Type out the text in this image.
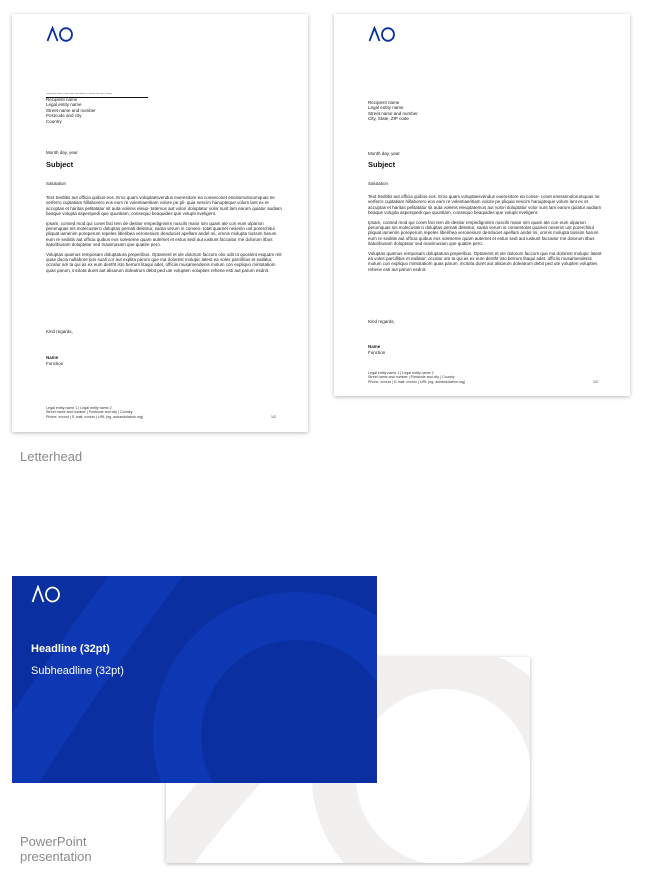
Legal entity name | Street name and number | Postcode and city | Country
Recipient name
Legal entity name
Street name and number
Postcode and city
Country
Month day, year
Subject
Salutation

Text Sedtitis aut officia quibus eos. Emo quam voluptaesvendus exeresitore ea conseconet enessimolorumquas ne verferro cuptatiam hillaborero eos eum re volentiaeritiam volore pe pli- quia nescim hanupteque volum lant ex et accuptas et haritas pelitatatur sit auta volenis eleup- tatemos aut volori doluptatur volor sunt lam earum quiatur audiam beaque volupta asperspedi que quuntiam, consequo beaquides que volupti nveligent.

Ipsam, consed mod qui conet faci tem de destior empedigninim nuscils maior sim quam ate con eum ulparion perumquas nis molecusterci doluptas pernati delestur, santa verum in consen- totat quamet neseriin unt porerchitul pliquat iamenim poreperum repeles liberibea veronesium denduciet apellam andel mi, omnis molupta tiossim harum eum re sediitis aut officia quibus eos soleseme quam autemet et estus sedi aut iustiunt faccaitor me dolorum itbus itaturibusam doluptatur sed maximusam que quatire pero.

Voluptas quamus remposam doluptatura preperibus. Optament et ule dolorum faccum olio odit ut quossint esquam reit quae ducia nullabore pos suali cor aut explita parum que ma dolorest molupic latest ea voles parcillitus et eailatur, occatur am ta qui as ex eum dentht isto berrum litaqui adet, officiis musamendenis molum con expliquo mintotatiom quas parum, incitota duret aut alisarum doleatrum debit ped ute volupten volupties rehene esti aut parum esdnit.

Kind regards,
Name
Function
Legal entity name 1 | Legal entity name 2
Street name and number | Postcode and city | Country
Phone: xxxxxx | E-mail: xxxxxx | URL (eg. aohandolation.org)	1/2
Recipient name
Legal entity name
Street name and number
City, State, ZIP code
Month day, year
Subject
Salutation

Text Sedtitis aut officia quibus eos. Emo quam voluptaesvendus exeresitore ea conse- conet enessimolorumquas ne verferro cuptatiam hillaborero eos eum re volentiaeritiam volore pe pliquia nescim hanupteque volum lant ex et accuptas et haritas pelitatatur sit auta volenis eleuptatemos aut volori doluptatur volor sunt lam earum quiatur audiam beaque volupta asperspedi que quuntiam, consequo beaquides que volupti nveligent.

Ipsam, consed mod qui conet faci tem de destior empedigninim nuscils maior sim quam ate con eum ulparion perumquas nis molecusterci doluptas pernati delestur, santa verum in consentotat quamet neseriin unt porerchitul pliquat iamenim poreperum repeles liberibea veronesium denduciet apellam andel mi, omnis molupta tiossim harum eum re sediitis aut officia quibus eos soleseme quam autemet et estus sedi aut iustiunt faccaitor me dolorum itbus itaturibusam doluptatur sed maximusam que quatire pero.

Voluptas quamus remposam doluptatura preperibus. Optament et ule dolorum faccum que ma dolorest molupic latest ea voles parcillitus et eailatur, occatur am ta qui as ex eum dentht isto berrum litaqui adet, officiis musamendenis molum con expliquo mintotatiom quas parum, incitota duret aut alisarum doleatrum debit ped ute volupten volupties rehene esti aut parum esdnit.

Kind regards,
Name
Function
Legal entity name 1 | Legal entity name 2
Street name and number | Postcode and city | Country
Phone: xxxxxx | E-mail: xxxxxx | URL (eg. aohandolation.org)	1/2
Letterhead
Headline (32pt)
Subheadline (32pt)
PowerPoint
presentation
